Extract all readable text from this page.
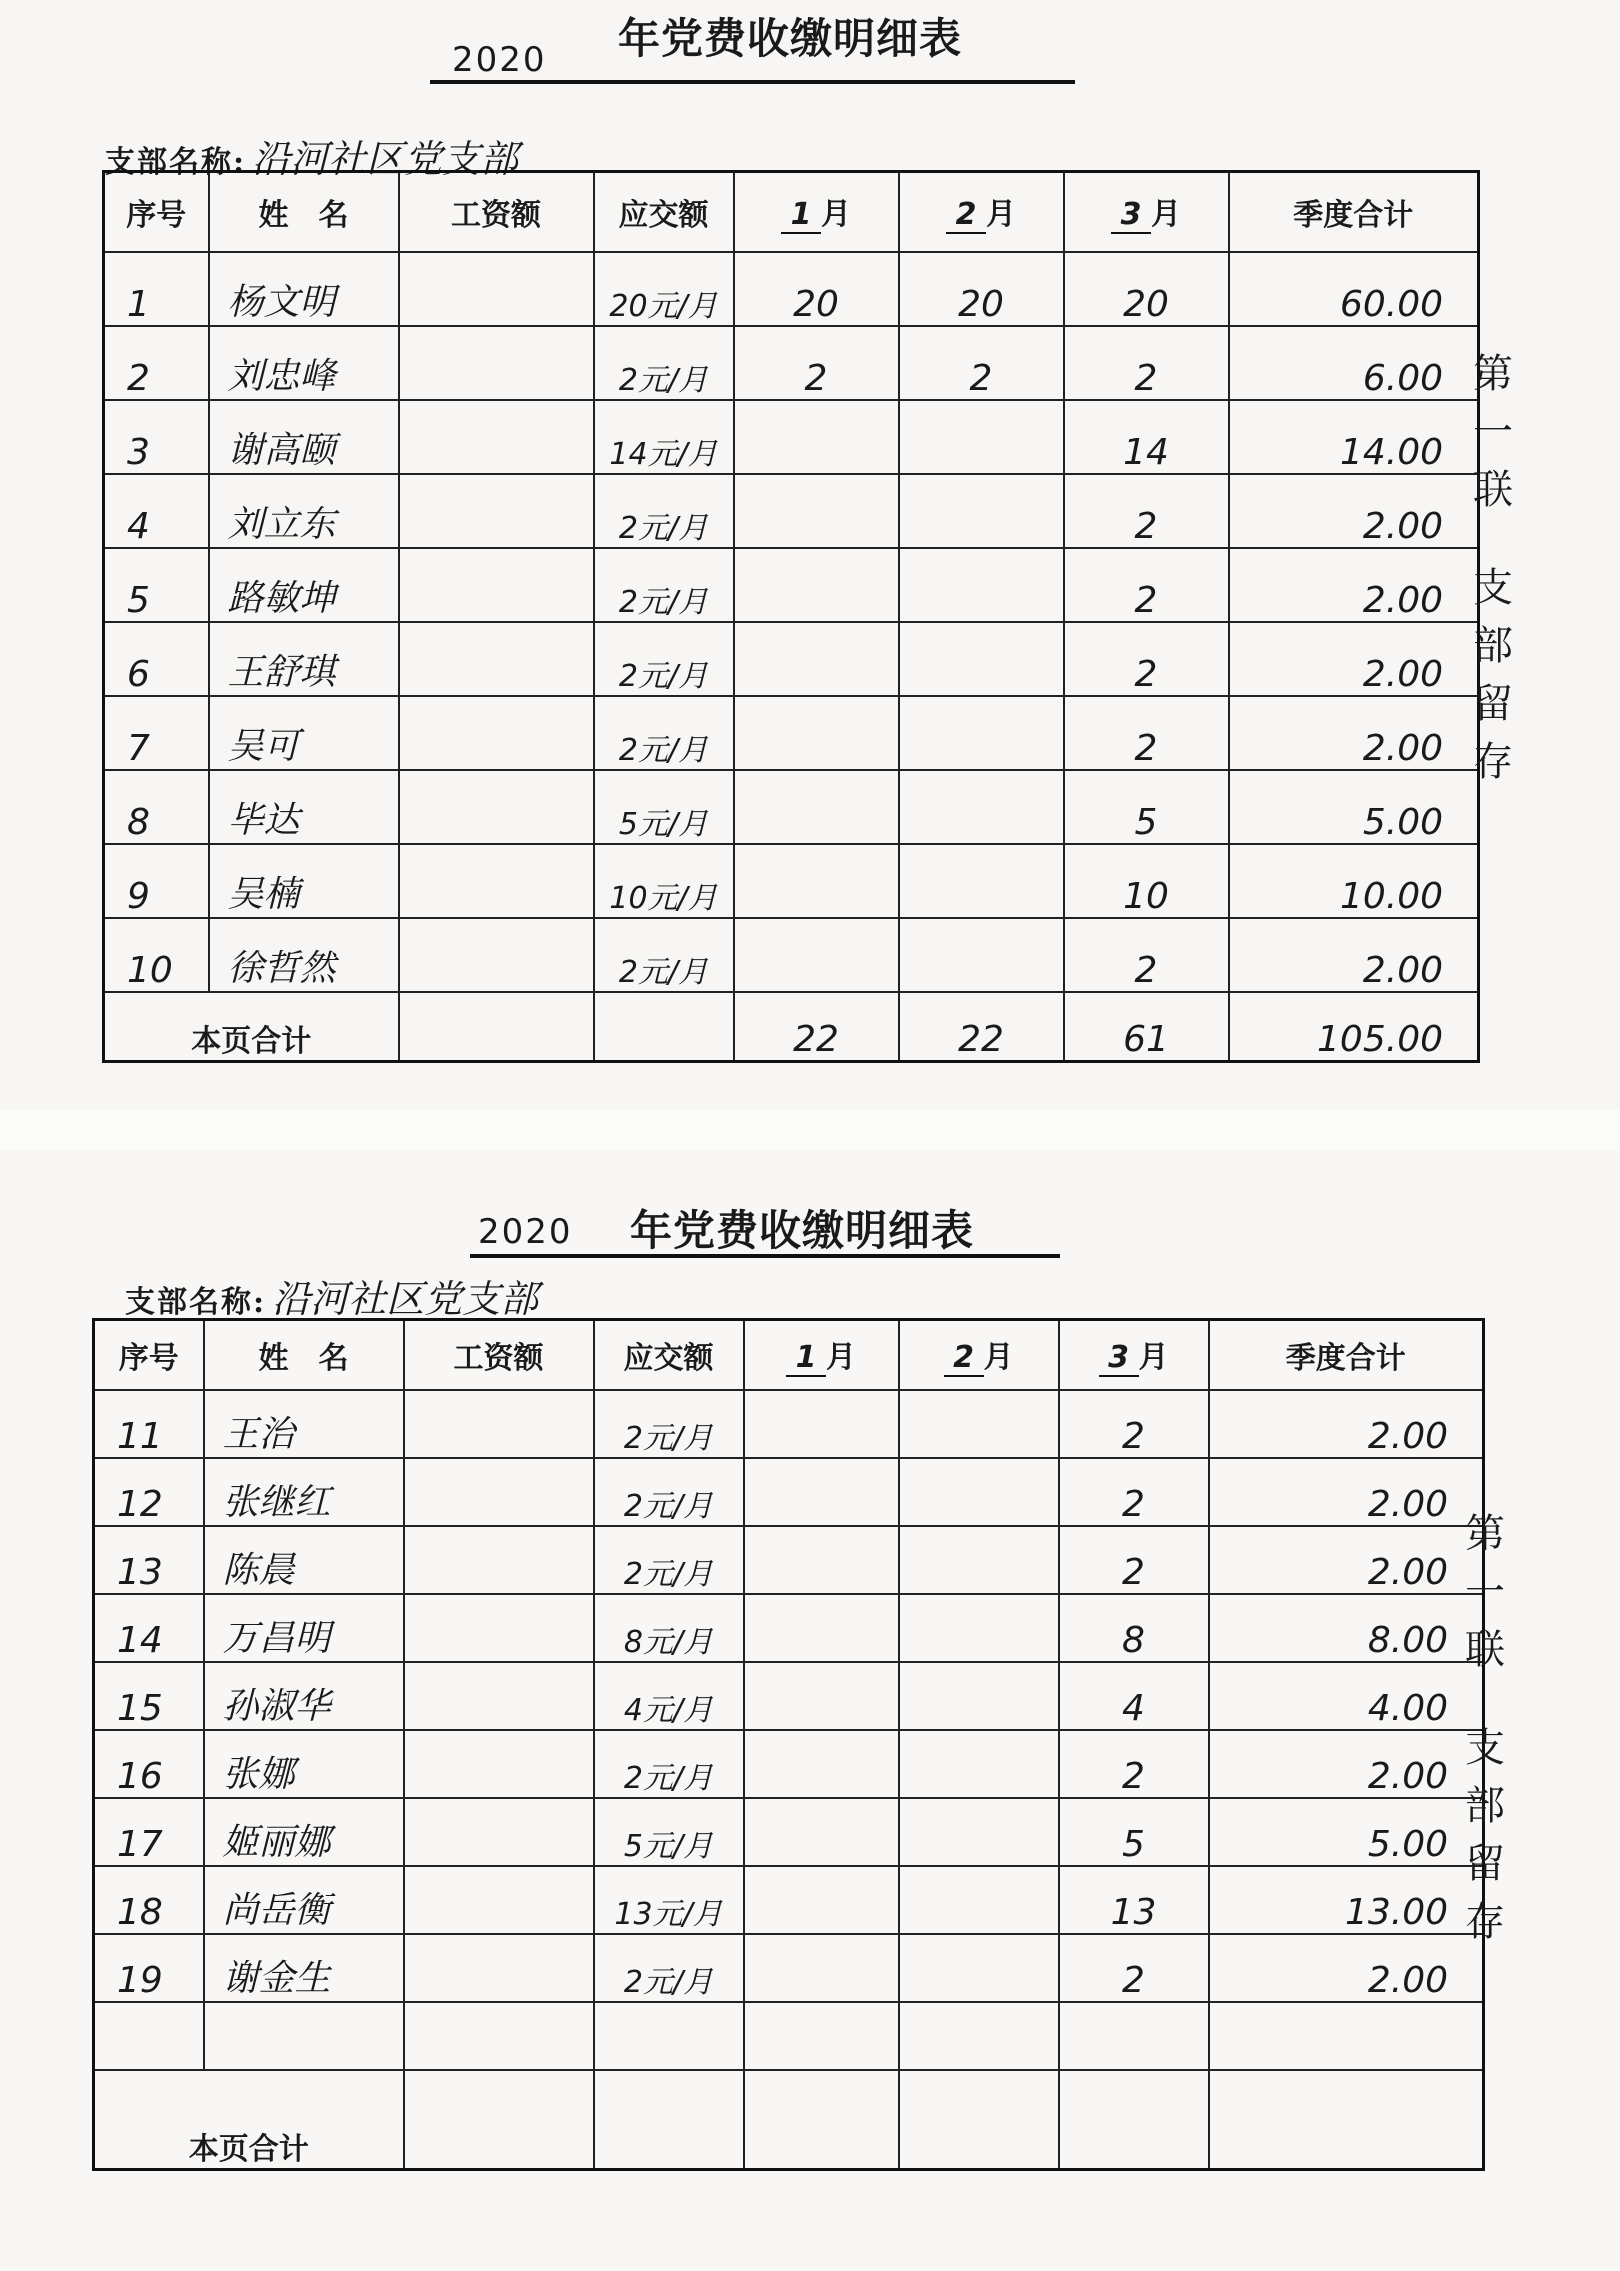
2020 年党费收缴明细表
支部名称: 沿河社区党支部
序号	姓　名	工资额	应交额	1 月	2 月	3 月	季度合计
1	杨文明		20元/月	20	20	20	60.00
2	刘忠峰		2元/月	2	2	2	6.00
3	谢高颐		14元/月			14	14.00
4	刘立东		2元/月			2	2.00
5	路敏坤		2元/月			2	2.00
6	王舒琪		2元/月			2	2.00
7	吴可		2元/月			2	2.00
8	毕达		5元/月			5	5.00
9	吴楠		10元/月			10	10.00
10	徐哲然		2元/月			2	2.00
本页合计				22	22	61	105.00
第
一
联
支
部
留
存
2020 年党费收缴明细表
支部名称: 沿河社区党支部
序号	姓　名	工资额	应交额	1 月	2 月	3 月	季度合计
11	王治		2元/月			2	2.00
12	张继红		2元/月			2	2.00
13	陈晨		2元/月			2	2.00
14	万昌明		8元/月			8	8.00
15	孙淑华		4元/月			4	4.00
16	张娜		2元/月			2	2.00
17	姬丽娜		5元/月			5	5.00
18	尚岳衡		13元/月			13	13.00
19	谢金生		2元/月			2	2.00

本页合计							
第
一
联
支
部
留
存
